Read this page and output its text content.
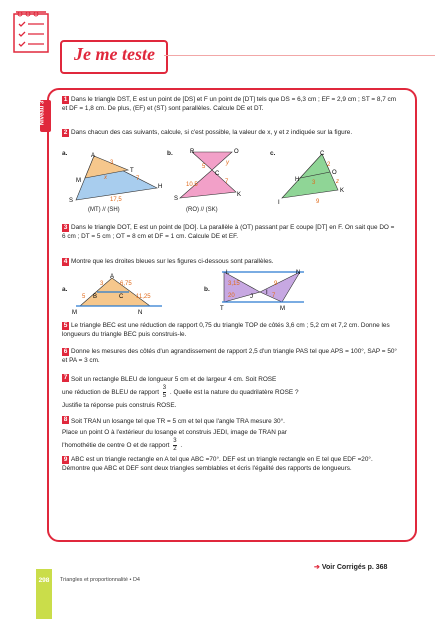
Je me teste
Niveau 3
1 Dans le triangle DST, E est un point de [DS] et F un point de [DT] tels que DS = 6,3 cm ; EF = 2,9 cm ; ST = 8,7 cm et DF = 1,8 cm. De plus, (EF) et (ST) sont parallèles. Calcule DE et DT.
2 Dans chacun des cas suivants, calcule, si c'est possible, la valeur de x, y et z indiquée sur la figure.
a.	b.	c.
A
T
H
M
S
3
7
x
17,5
(MT) // (SH)
R	O
C
S
K
y
5
10,5	7
(RO) // (SK)
C
O
H
I
K
2
z
3
9
3 Dans le triangle DOT, E est un point de [DO]. La parallèle à (OT) passant par E coupe [DT] en F. On sait que DO = 6 cm ; DT = 5 cm ; OT = 8 cm et DF = 1 cm. Calcule DE et EF.
4 Montre que les droites bleues sur les figures ci-dessous sont parallèles.
a.	b.
A
B	C
M	N
3	6,75
5	11,25
L	N
I
J
T	M
3,15	9
20	7
5 Le triangle BEC est une réduction de rapport 0,75 du triangle TOP de côtés 3,6 cm ; 5,2 cm et 7,2 cm. Donne les longueurs du triangle BEC puis construis-le.
6 Donne les mesures des côtés d'un agrandissement de rapport 2,5 d'un triangle PAS tel que APS = 100°, SAP = 50° et PA = 3 cm.
7 Soit un rectangle BLEU de longueur 5 cm et de largeur 4 cm. Soit ROSE
une réduction de BLEU de rapport $\frac{3}{5}$ . Quelle est la nature du quadrilatère ROSE ?
Justifie ta réponse puis construis ROSE.
8 Soit TRAN un losange tel que TR = 5 cm et tel que l'angle TRA mesure 30°.
Place un point O à l'extérieur du losange et construis JEDI, image de TRAN par
l'homothétie de centre O et de rapport $\frac{3}{2}$ .
9 ABC est un triangle rectangle en A tel que ABC =70°. DEF est un triangle rectangle en E tel que EDF =20°. Démontre que ABC et DEF sont deux triangles semblables et écris l'égalité des rapports de longueurs.
➔ Voir Corrigés p. 368
298	Triangles et proportionnalité • D4
